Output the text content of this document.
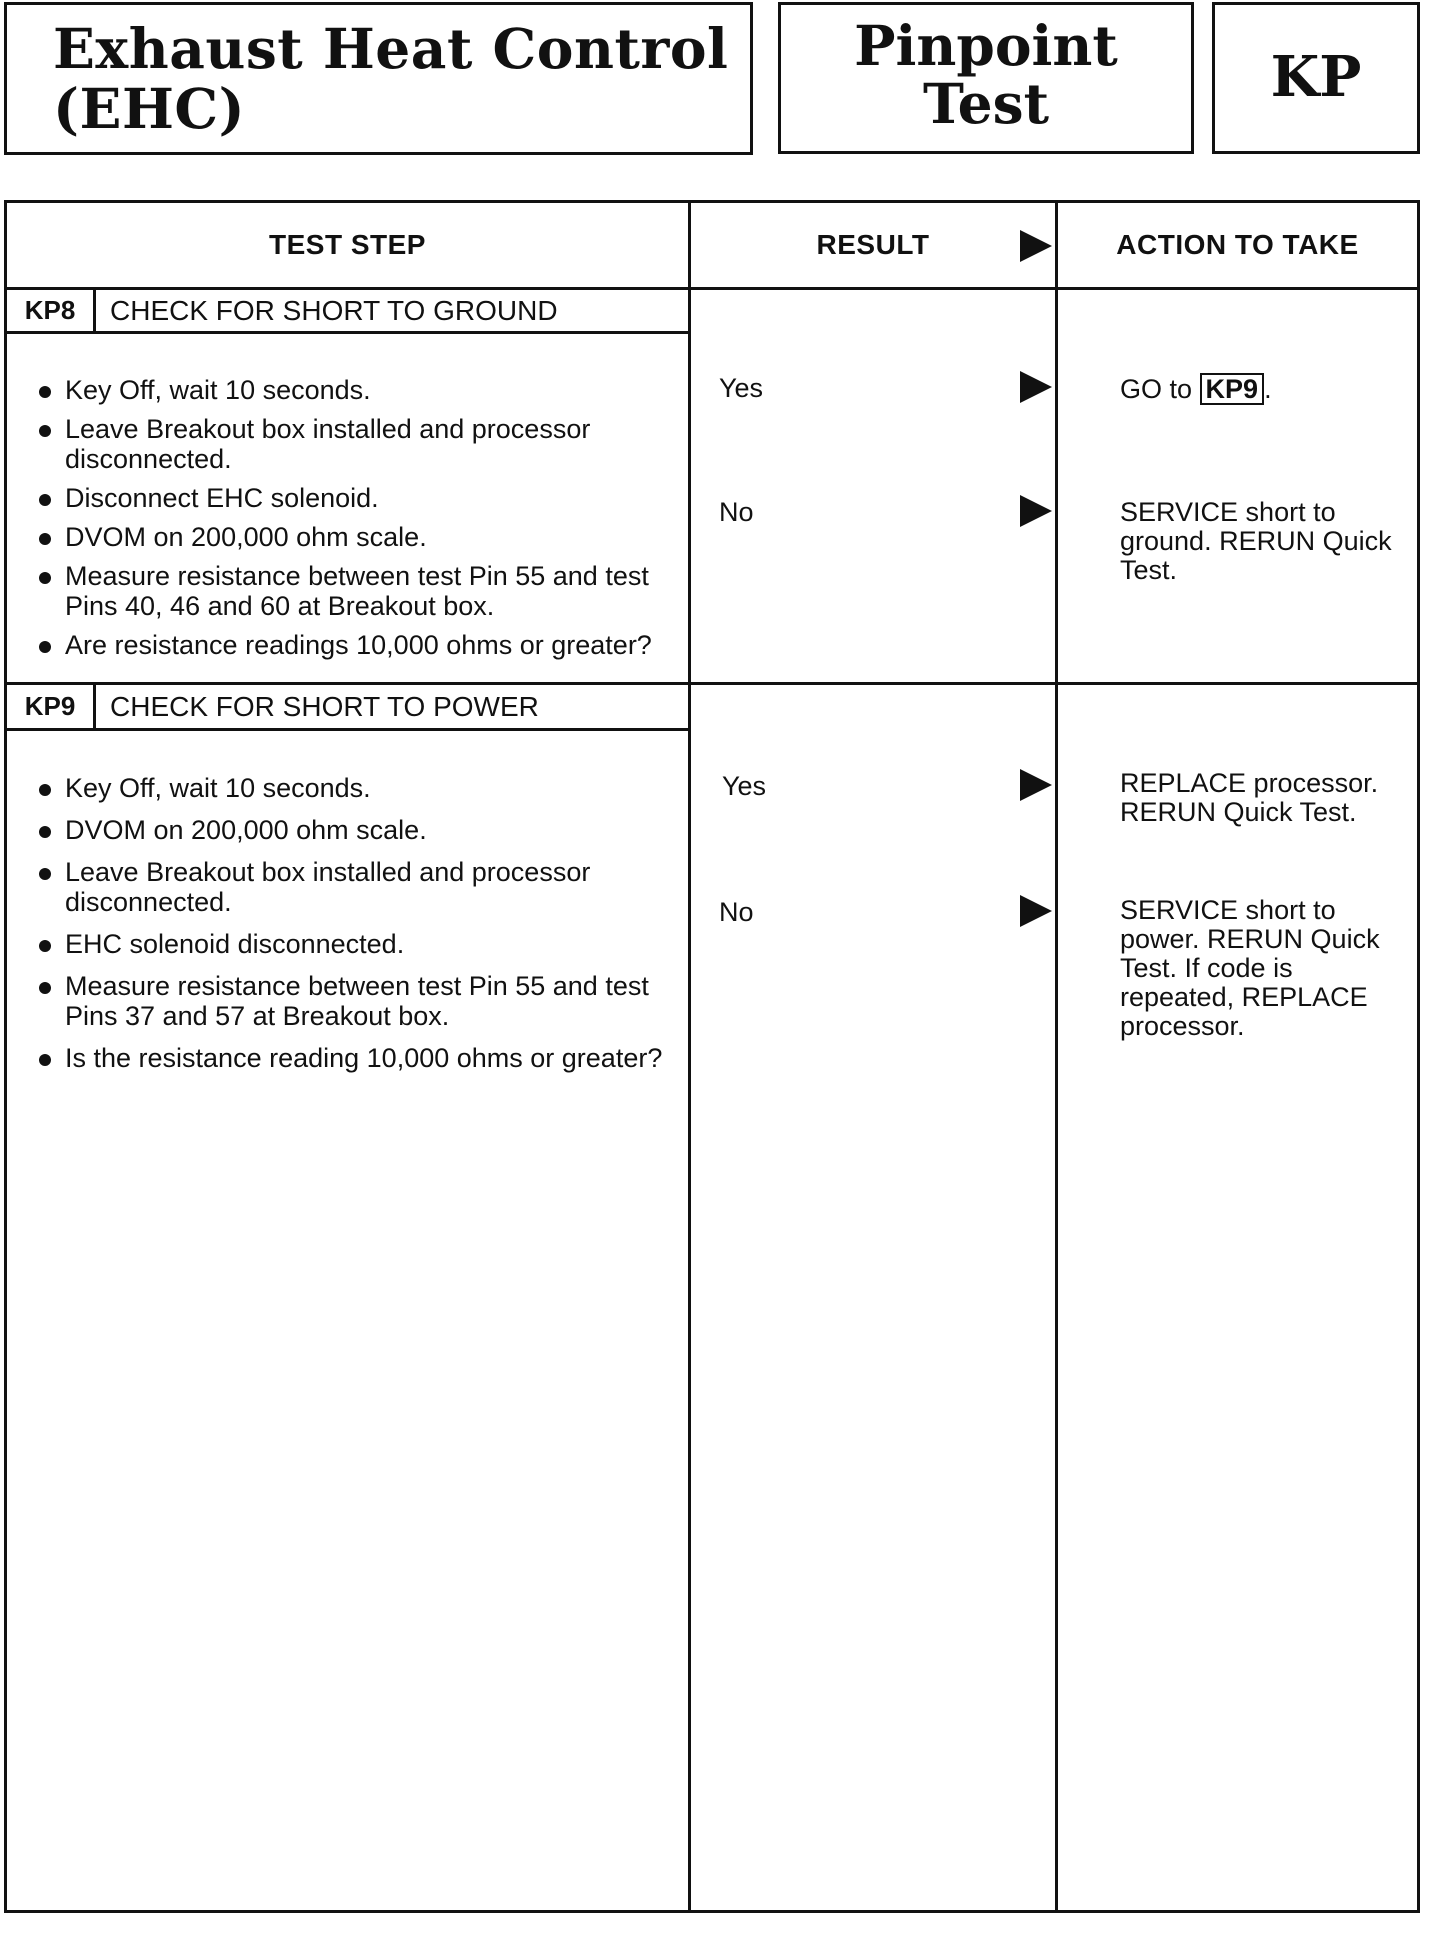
Exhaust Heat Control
(EHC)
Pinpoint
Test	KP
TEST STEP	RESULT	ACTION TO TAKE
KP8	CHECK FOR SHORT TO GROUND
Key Off, wait 10 seconds.
Leave Breakout box installed and processor disconnected.
Disconnect EHC solenoid.
DVOM on 200,000 ohm scale.
Measure resistance between test Pin 55 and test Pins 40, 46 and 60 at Breakout box.
Are resistance readings 10,000 ohms or greater?
Yes	GO to KP9 .
No	SERVICE short to ground. RERUN Quick Test.
KP9	CHECK FOR SHORT TO POWER
Key Off, wait 10 seconds.
DVOM on 200,000 ohm scale.
Leave Breakout box installed and processor disconnected.
EHC solenoid disconnected.
Measure resistance between test Pin 55 and test Pins 37 and 57 at Breakout box.
Is the resistance reading 10,000 ohms or greater?
Yes	REPLACE processor. RERUN Quick Test.
No	SERVICE short to power. RERUN Quick Test. If code is repeated, REPLACE processor.
